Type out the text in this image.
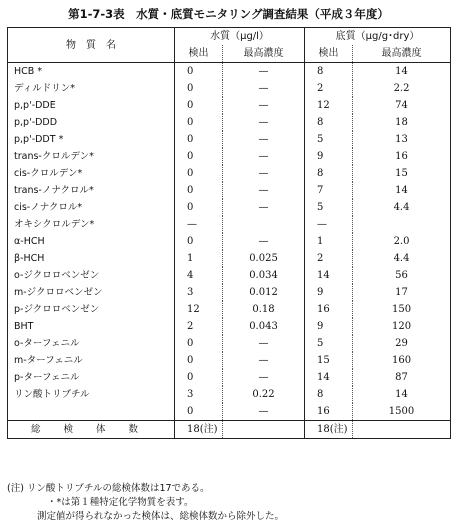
第1-7-3表　水質・底質モニタリング調査結果（平成３年度）
物　質　名	水質（μg/l）		底質（μg/g･dry）	
	検出	最高濃度	検出	最高濃度
HCB *	0	—	8	14
ディルドリン*	0	—	2	2.2
p,p'-DDE	0	—	12	74
p,p'-DDD	0	—	8	18
p,p'-DDT *	0	—	5	13
trans-クロルデン*	0	—	9	16
cis-クロルデン*	0	—	8	15
trans-ノナクロル*	0	—	7	14
cis-ノナクロル*	0	—	5	4.4
オキシクロルデン*	—		—	
α-HCH	0	—	1	2.0
β-HCH	1	0.025	2	4.4
o-ジクロロベンゼン	4	0.034	14	56
m-ジクロロベンゼン	3	0.012	9	17
p-ジクロロベンゼン	12	0.18	16	150
BHT	2	0.043	9	120
o-ターフェニル	0	—	5	29
m-ターフェニル	0	—	15	160
p-ターフェニル	0	—	14	87
リン酸トリブチル	3	0.22	8	14
	0	—	16	1500
総 検 体 数	18(注)		18(注)	
(注) リン酸トリブチルの総検体数は17である。
・*は第１種特定化学物質を表す。
測定値が得られなかった検体は、総検体数から除外した。
